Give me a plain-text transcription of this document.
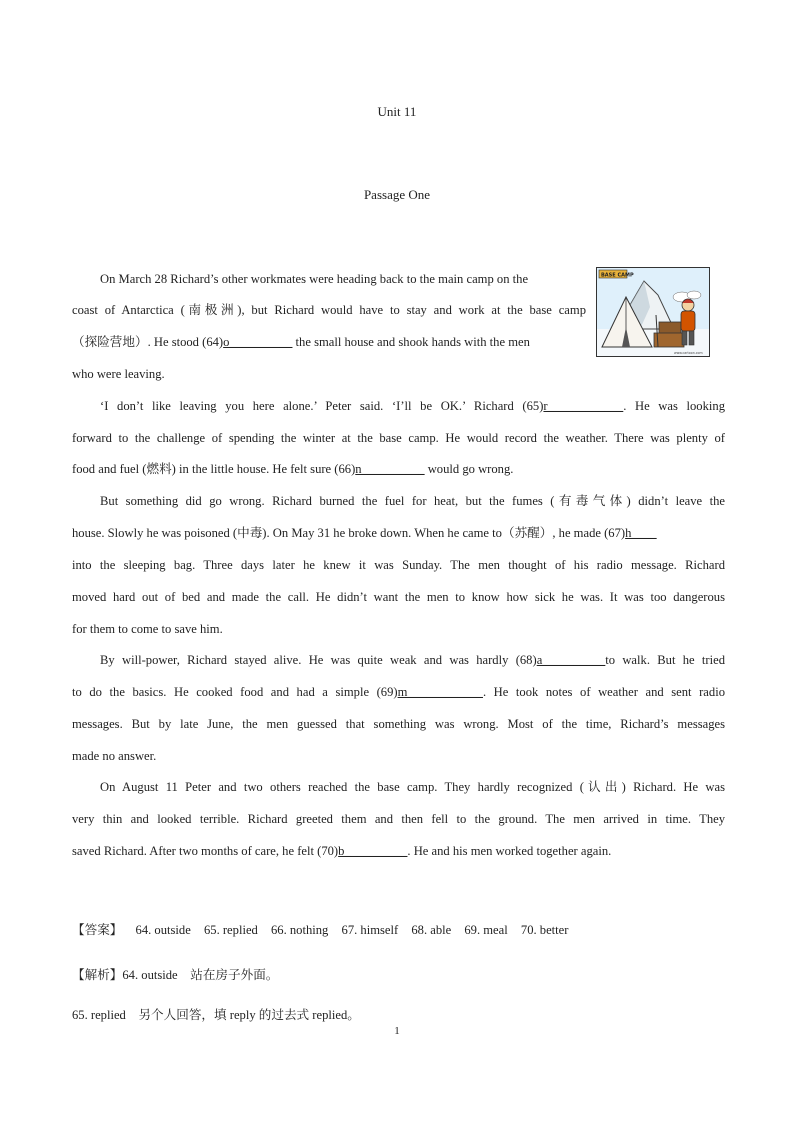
Unit 11
Passage One
BASE CAMP
www.cartoon.com
On March 28 Richard’s other workmates were heading back to the main camp on the
coast of Antarctica (南极洲), but Richard would have to stay and work at the base camp
（探险营地）. He stood (64)o__________ the small house and shook hands with the men
who were leaving.
‘I don’t like leaving you here alone.’ Peter said. ‘I’ll be OK.’ Richard (65)r____________. He was looking
forward to the challenge of spending the winter at the base camp. He would record the weather. There was plenty of
food and fuel (燃料) in the little house. He felt sure (66)n__________ would go wrong.
But something did go wrong. Richard burned the fuel for heat, but the fumes (有毒气体) didn’t leave the
house. Slowly he was poisoned (中毒). On May 31 he broke down. When he came to（苏醒）, he made (67)h____
into the sleeping bag. Three days later he knew it was Sunday. The men thought of his radio message. Richard
moved hard out of bed and made the call. He didn’t want the men to know how sick he was. It was too dangerous
for them to come to save him.
By will-power, Richard stayed alive. He was quite weak and was hardly (68)a__________to walk. But he tried
to do the basics. He cooked food and had a simple (69)m____________. He took notes of weather and sent radio
messages. But by late June, the men guessed that something was wrong. Most of the time, Richard’s messages
made no answer.
On August 11 Peter and two others reached the base camp. They hardly recognized (认出) Richard. He was
very thin and looked terrible. Richard greeted them and then fell to the ground. The men arrived in time. They
saved Richard. After two months of care, he felt (70)b__________. He and his men worked together again.
【答案】 64. outside 65. replied 66. nothing 67. himself 68. able 69. meal 70. better
【解析】64. outside　站在房子外面。
65. replied　另个人回答，填 reply 的过去式 replied。
1
